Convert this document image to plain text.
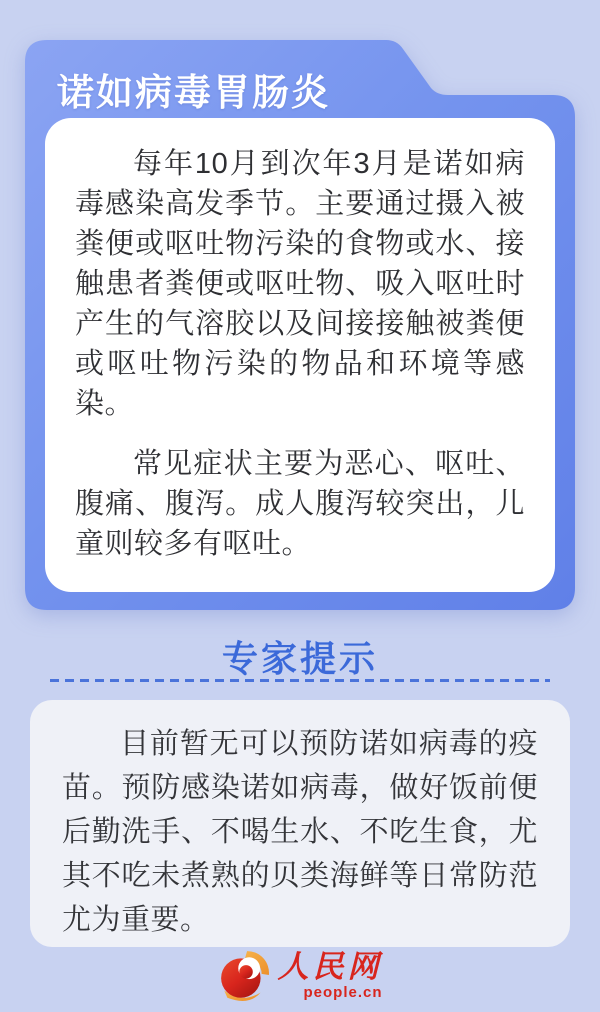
诺如病毒胃肠炎

每年10月到次年3月是诺如病毒感染高发季节。主要通过摄入被粪便或呕吐物污染的食物或水、接触患者粪便或呕吐物、吸入呕吐时产生的气溶胶以及间接接触被粪便或呕吐物污染的物品和环境等感染。

常见症状主要为恶心、呕吐、腹痛、腹泻。成人腹泻较突出，儿童则较多有呕吐。

专家提示

目前暂无可以预防诺如病毒的疫苗。预防感染诺如病毒，做好饭前便后勤洗手、不喝生水、不吃生食，尤其不吃未煮熟的贝类海鲜等日常防范尤为重要。

人民网
people.cn
